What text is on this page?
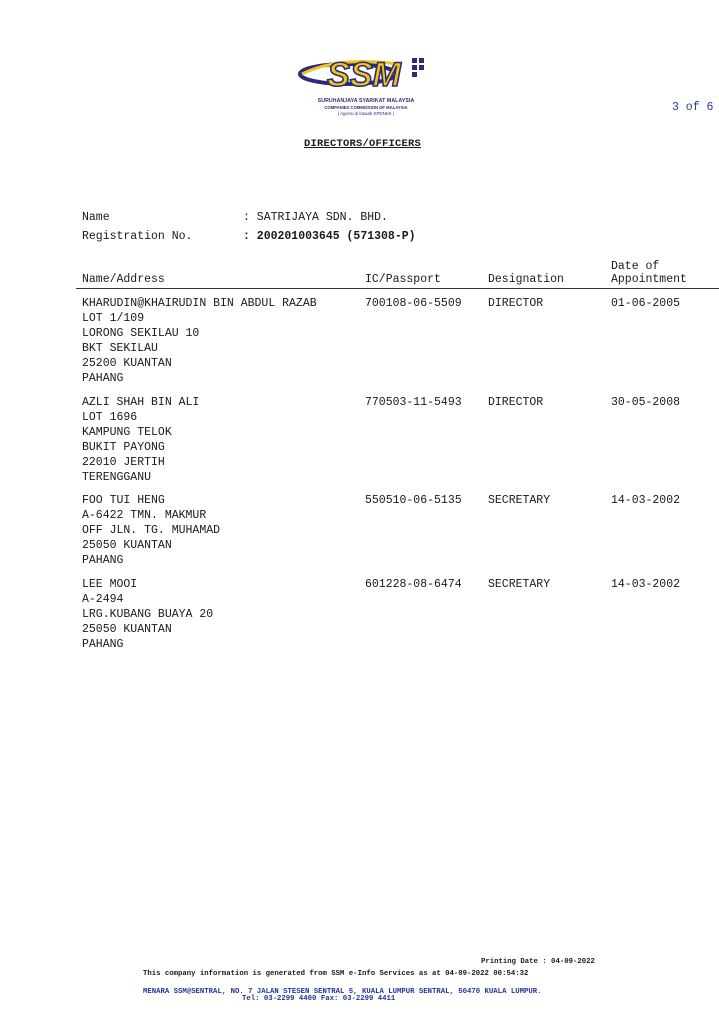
SSM
SURUHANJAYA SYARIKAT MALAYSIA
COMPANIES COMMISSION OF MALAYSIA
( Agensi di bawah KPDNKK )	3 of 6
DIRECTORS/OFFICERS
Name	: SATRIJAYA SDN. BHD.
Registration No.	: 200201003645 (571308-P)
Name/Address	IC/Passport	Designation
Date of
Appointment
KHARUDIN@KHAIRUDIN BIN ABDUL RAZAB
LOT 1/109
LORONG SEKILAU 10
BKT SEKILAU
25200 KUANTAN
PAHANG
700108-06-5509 DIRECTOR	01-06-2005
AZLI SHAH BIN ALI
LOT 1696
KAMPUNG TELOK
BUKIT PAYONG
22010 JERTIH
TERENGGANU
770503-11-5493 DIRECTOR	30-05-2008
FOO TUI HENG
A-6422 TMN. MAKMUR
OFF JLN. TG. MUHAMAD
25050 KUANTAN
PAHANG
550510-06-5135 SECRETARY	14-03-2002
LEE MOOI
A-2494
LRG.KUBANG BUAYA 20
25050 KUANTAN
PAHANG
601228-08-6474 SECRETARY	14-03-2002
Printing Date : 04-09-2022
This company information is generated from SSM e-Info Services as at 04-09-2022 00:54:32
MENARA SSM@SENTRAL, NO. 7 JALAN STESEN SENTRAL 5, KUALA LUMPUR SENTRAL, 50470 KUALA LUMPUR.
Tel: 03-2299 4400 Fax: 03-2299 4411
